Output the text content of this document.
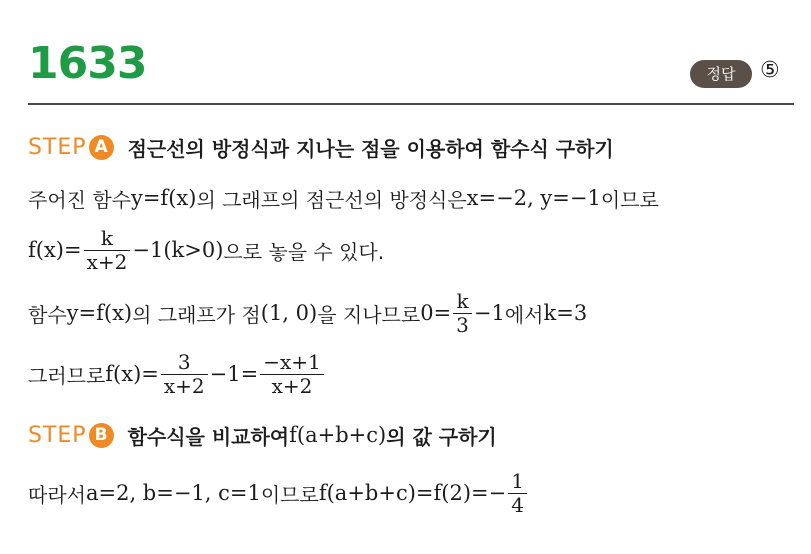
1633	정답	⑤
STEP A 점근선의 방정식과 지나는 점을 이용하여 함수식 구하기
주어진 함수 y=f(x) 의 그래프의 점근선의 방정식은 x=−2, y=−1 이므로
$f(x)= \frac{k}{x+2} -1(k>0)$ 으로 놓을 수 있다.
함수 y=f(x) 의 그래프가 점 (1, 0) 을 지나므로 $0= \frac{k}{3} -1$ 에서 k=3
그러므로 $f(x)= \frac{3}{x+2} -1= \frac{-x+1}{x+2}$
STEP B	함수식을 비교하여 f(a+b+c) 의 값 구하기
따라서 a=2, b=−1, c=1 이므로 $f(a+b+c)=f(2)=- \frac{1}{4}$
